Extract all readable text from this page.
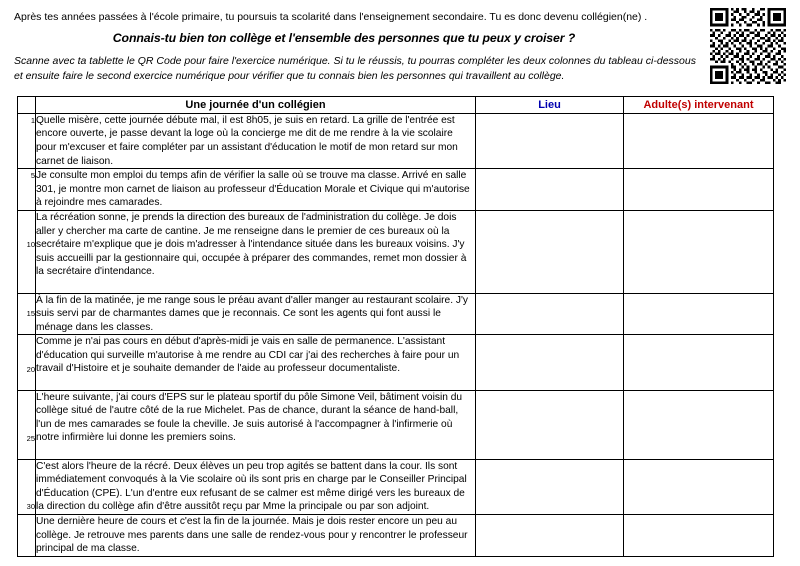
Après tes années passées à l'école primaire, tu poursuis ta scolarité dans l'enseignement secondaire. Tu es donc devenu collégien(ne) .

Connais-tu bien ton collège et l'ensemble des personnes que tu peux y croiser ?

Scanne avec ta tablette le QR Code pour faire l'exercice numérique. Si tu le réussis, tu pourras compléter les deux colonnes du tableau ci-dessous et ensuite faire le second exercice numérique pour vérifier que tu connais bien les personnes qui travaillent au collège.

	Une journée d'un collégien	Lieu	Adulte(s) intervenant

1	Quelle misère, cette journée débute mal, il est 8h05, je suis en retard. La grille de l'entrée est encore ouverte, je passe devant la loge où la concierge me dit de me rendre à la vie scolaire pour m'excuser et faire compléter par un assistant d'éducation le motif de mon retard sur mon carnet de liaison.		

5	Je consulte mon emploi du temps afin de vérifier la salle où se trouve ma classe. Arrivé en salle 301, je montre mon carnet de liaison au professeur d'Éducation Morale et Civique qui m'autorise à rejoindre mes camarades.		

10	La récréation sonne, je prends la direction des bureaux de l'administration du collège. Je dois aller y chercher ma carte de cantine. Je me renseigne dans le premier de ces bureaux où la secrétaire m'explique que je dois m'adresser à l'intendance située dans les bureaux voisins. J'y suis accueilli par la gestionnaire qui, occupée à préparer des commandes, remet mon dossier à la secrétaire d'intendance.		

15	À la fin de la matinée, je me range sous le préau avant d'aller manger au restaurant scolaire. J'y suis servi par de charmantes dames que je reconnais. Ce sont les agents qui font aussi le ménage dans les classes.		

20	Comme je n'ai pas cours en début d'après-midi je vais en salle de permanence. L'assistant d'éducation qui surveille m'autorise à me rendre au CDI car j'ai des recherches à faire pour un travail d'Histoire et je souhaite demander de l'aide au professeur documentaliste.		

25	L'heure suivante, j'ai cours d'EPS sur le plateau sportif du pôle Simone Veil, bâtiment voisin du collège situé de l'autre côté de la rue Michelet. Pas de chance, durant la séance de hand-ball, l'un de mes camarades se foule la cheville. Je suis autorisé à l'accompagner à l'infirmerie où notre infirmière lui donne les premiers soins.		

30	C'est alors l'heure de la récré. Deux élèves un peu trop agités se battent dans la cour. Ils sont immédiatement convoqués à la Vie scolaire où ils sont pris en charge par le Conseiller Principal d'Éducation (CPE). L'un d'entre eux refusant de se calmer est même dirigé vers les bureaux de la direction du collège afin d'être aussitôt reçu par Mme la principale ou par son adjoint.		

	Une dernière heure de cours et c'est la fin de la journée. Mais je dois rester encore un peu au collège. Je retrouve mes parents dans une salle de rendez-vous pour y rencontrer le professeur principal de ma classe.		
